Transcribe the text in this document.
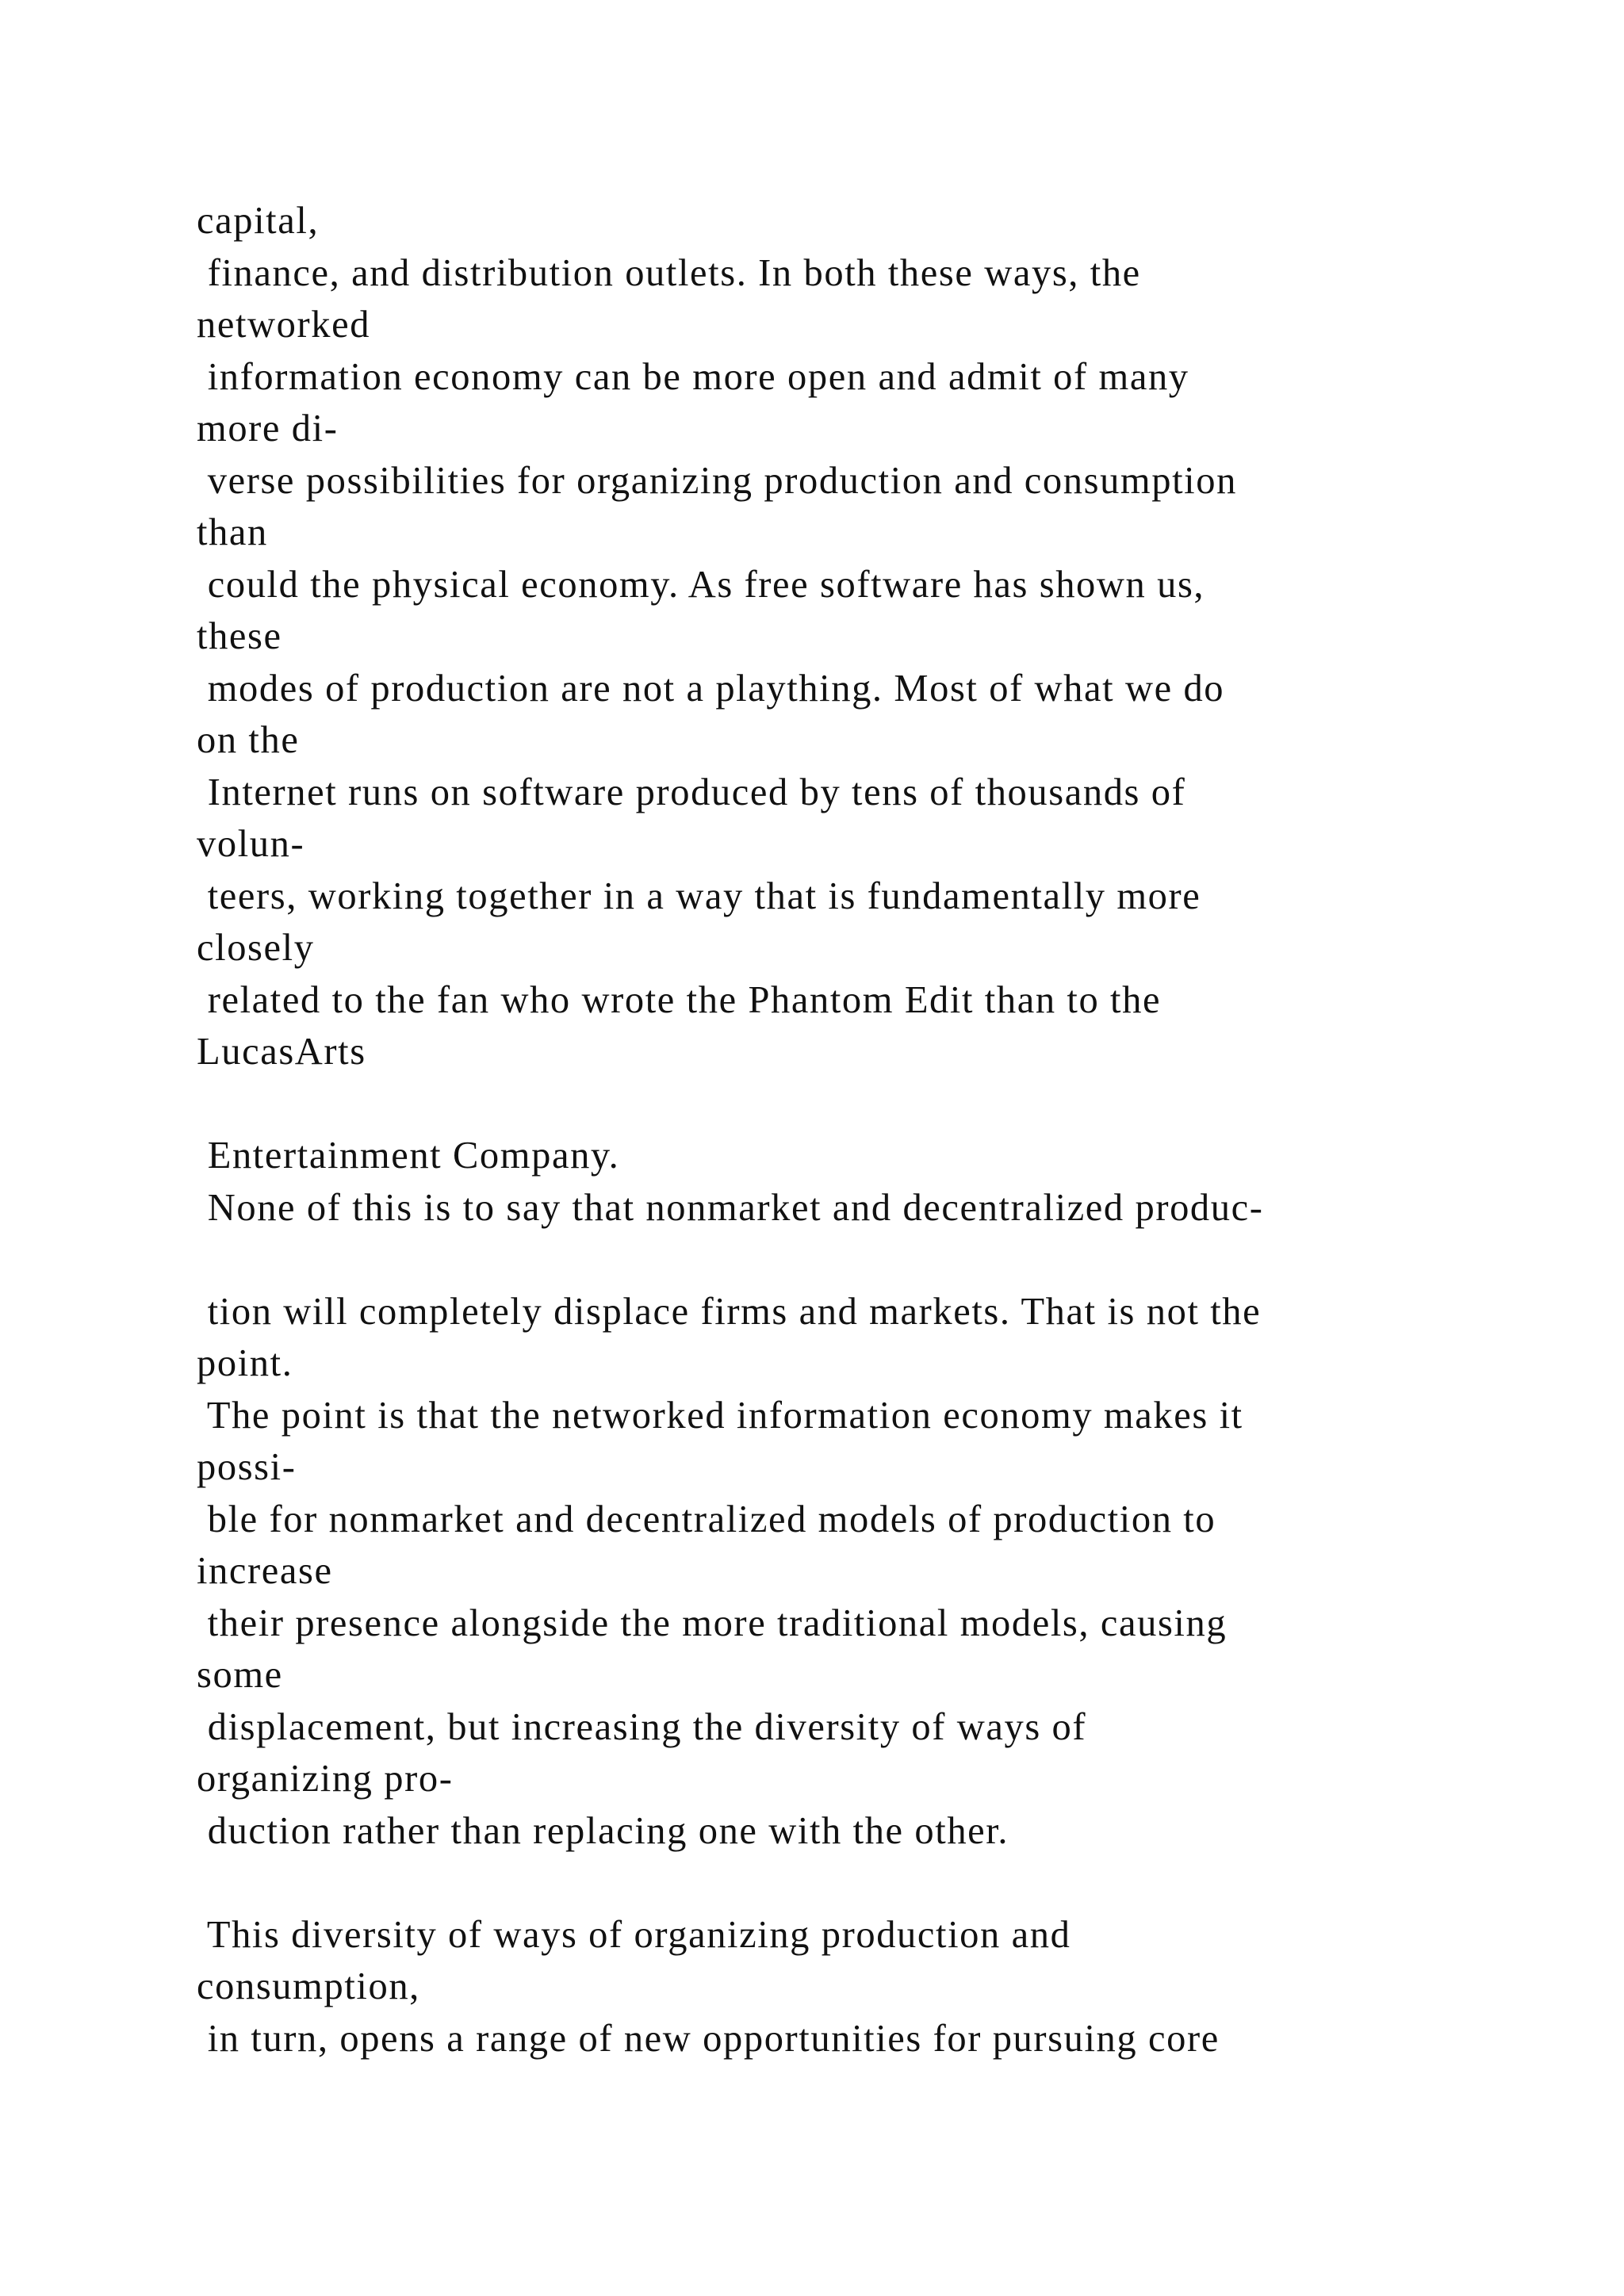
capital,
finance, and distribution outlets. In both these ways, the
networked
information economy can be more open and admit of many
more di-
verse possibilities for organizing production and consumption
than
could the physical economy. As free software has shown us,
these
modes of production are not a plaything. Most of what we do
on the
Internet runs on software produced by tens of thousands of
volun-
teers, working together in a way that is fundamentally more
closely
related to the fan who wrote the Phantom Edit than to the
LucasArts
Entertainment Company.
None of this is to say that nonmarket and decentralized produc-
tion will completely displace firms and markets. That is not the
point.
The point is that the networked information economy makes it
possi-
ble for nonmarket and decentralized models of production to
increase
their presence alongside the more traditional models, causing
some
displacement, but increasing the diversity of ways of
organizing pro-
duction rather than replacing one with the other.
This diversity of ways of organizing production and
consumption,
in turn, opens a range of new opportunities for pursuing core
